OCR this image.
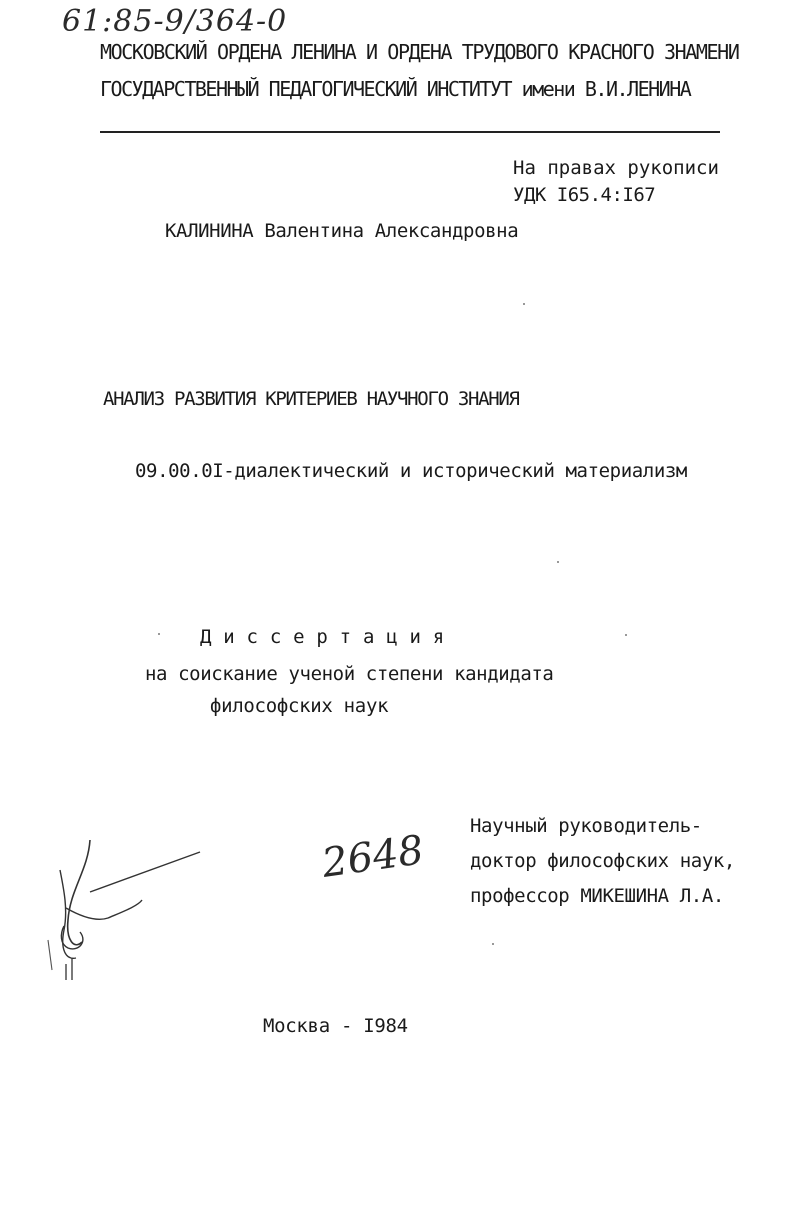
61:85-9/364-0
МОСКОВСКИЙ ОРДЕНА ЛЕНИНА И ОРДЕНА ТРУДОВОГО КРАСНОГО ЗНАМЕНИ
ГОСУДАРСТВЕННЫЙ ПЕДАГОГИЧЕСКИЙ ИНСТИТУТ имени В.И.ЛЕНИНА
На правах рукописи
УДК I65.4:I67
КАЛИНИНА Валентина Александровна
АНАЛИЗ РАЗВИТИЯ КРИТЕРИЕВ НАУЧНОГО ЗНАНИЯ
09.00.0I-диалектический и исторический материализм
Д и с с е р т а ц и я
на соискание ученой степени кандидата
философских наук
2648
Научный руководитель-
доктор философских наук,
профессор МИКЕШИНА Л.А.
Москва - I984
